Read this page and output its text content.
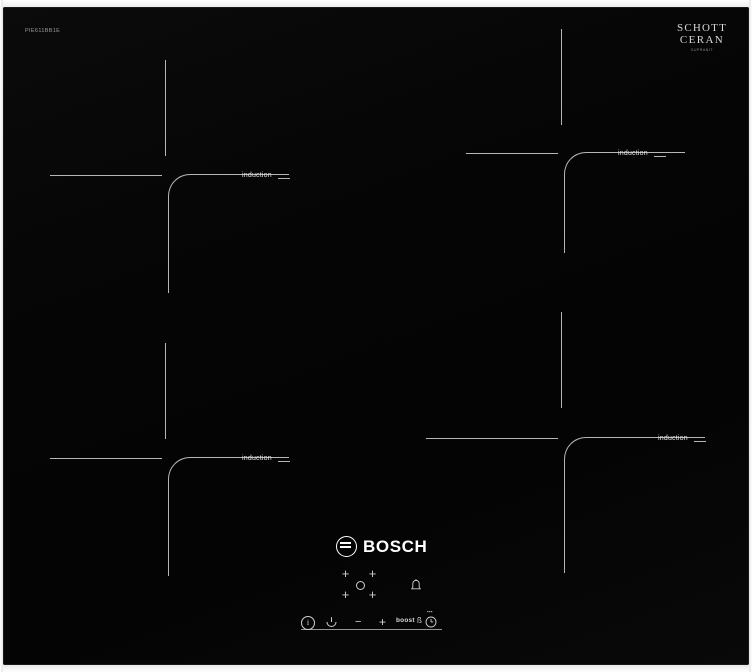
PIE611BB1E	SCHOTT
CERAN
SUPRANIT
induction
induction
induction
induction
BOSCH
+ +
+ +
i	− + boost ß
▪▪▪
